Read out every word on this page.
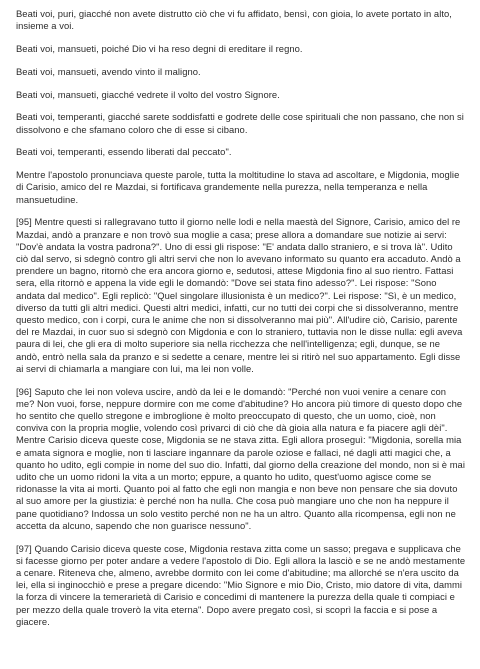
Beati voi, puri, giacché non avete distrutto ciò che vi fu affidato, bensì, con gioia, lo avete portato in alto, insieme a voi.

Beati voi, mansueti, poiché Dio vi ha reso degni di ereditare il regno.

Beati voi, mansueti, avendo vinto il maligno.

Beati voi, mansueti, giacché vedrete il volto del vostro Signore.

Beati voi, temperanti, giacché sarete soddisfatti e godrete delle cose spirituali che non passano, che non si dissolvono e che sfamano coloro che di esse si cibano.

Beati voi, temperanti, essendo liberati dal peccato".

Mentre l'apostolo pronunciava queste parole, tutta la moltitudine lo stava ad ascoltare, e Migdonia, moglie di Carisio, amico del re Mazdai, si fortificava grandemente nella purezza, nella temperanza e nella mansuetudine.

[95] Mentre questi si rallegravano tutto il giorno nelle lodi e nella maestà del Signore, Carisio, amico del re Mazdai, andò a pranzare e non trovò sua moglie a casa; prese allora a domandare sue notizie ai servi: "Dov'è andata la vostra padrona?". Uno di essi gli rispose: "E' andata dallo straniero, e si trova là". Udito ciò dal servo, si sdegnò contro gli altri servi che non lo avevano informato su quanto era accaduto. Andò a prendere un bagno, ritornò che era ancora giorno e, sedutosi, attese Migdonia fino al suo rientro. Fattasi sera, ella ritornò e appena la vide egli le domandò: "Dove sei stata fino adesso?". Lei rispose: "Sono andata dal medico". Egli replicò: "Quel singolare illusionista è un medico?". Lei rispose: "Sì, è un medico, diverso da tutti gli altri medici. Questi altri medici, infatti, cur no tutti dei corpi che si dissolveranno, mentre questo medico, con i corpi, cura le anime che non si dissolveranno mai più". All'udire ciò, Carisio, parente del re Mazdai, in cuor suo si sdegnò con Migdonia e con lo straniero, tuttavia non le disse nulla: egli aveva paura di lei, che gli era di molto superiore sia nella ricchezza che nell'intelligenza; egli, dunque, se ne andò, entrò nella sala da pranzo e si sedette a cenare, mentre lei si ritirò nel suo appartamento. Egli disse ai servi di chiamarla a mangiare con lui, ma lei non volle.

[96] Saputo che lei non voleva uscire, andò da lei e le domandò: "Perché non vuoi venire a cenare con me? Non vuoi, forse, neppure dormire con me come d'abitudine? Ho ancora più timore di questo dopo che ho sentito che quello stregone e imbroglione è molto preoccupato di questo, che un uomo, cioè, non conviva con la propria moglie, volendo così privarci di ciò che dà gioia alla natura e fa piacere agli dèi". Mentre Carisio diceva queste cose, Migdonia se ne stava zitta. Egli allora proseguì: "Migdonia, sorella mia e amata signora e moglie, non ti lasciare ingannare da parole oziose e fallaci, né dagli atti magici che, a quanto ho udito, egli compie in nome del suo dio. Infatti, dal giorno della creazione del mondo, non si è mai udito che un uomo ridoni la vita a un morto; eppure, a quanto ho udito, quest'uomo agisce come se ridonasse la vita ai morti. Quanto poi al fatto che egli non mangia e non beve non pensare che sia dovuto al suo amore per la giustizia: è perché non ha nulla. Che cosa può mangiare uno che non ha neppure il pane quotidiano? Indossa un solo vestito perché non ne ha un altro. Quanto alla ricompensa, egli non ne accetta da alcuno, sapendo che non guarisce nessuno".

[97] Quando Carisio diceva queste cose, Migdonia restava zitta come un sasso; pregava e supplicava che si facesse giorno per poter andare a vedere l'apostolo di Dio. Egli allora la lasciò e se ne andò mestamente a cenare. Riteneva che, almeno, avrebbe dormito con lei come d'abitudine; ma allorché se n'era uscito da lei, ella si inginocchiò e prese a pregare dicendo: "Mio Signore e mio Dio, Cristo, mio datore di vita, dammi la forza di vincere la temerarietà di Carisio e concedimi di mantenere la purezza della quale ti compiaci e per mezzo della quale troverò la vita eterna". Dopo avere pregato così, si scoprì la faccia e si pose a giacere.
